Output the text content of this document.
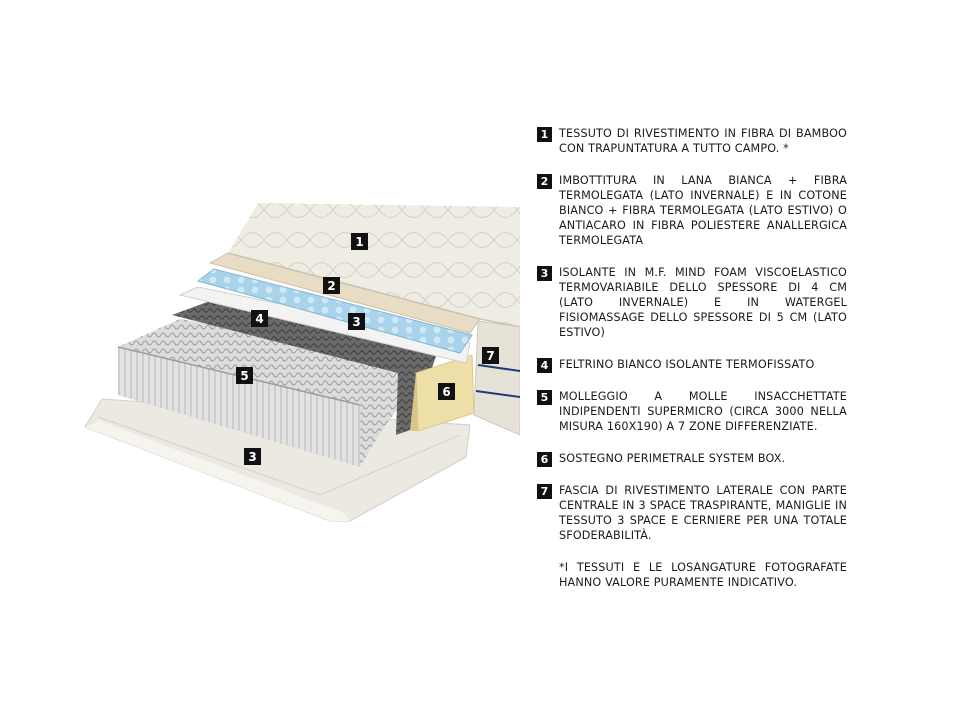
1
2
3
4
5
6
7
3
1 TESSUTO DI RIVESTIMENTO IN FIBRA DI BAMBOO CON TRAPUNTATURA A TUTTO CAMPO. *
2 IMBOTTITURA IN LANA BIANCA + FIBRA TERMOLEGATA (LATO INVERNALE) E IN COTONE BIANCO + FIBRA TERMOLEGATA (LATO ESTIVO) O ANTIACARO IN FIBRA POLIESTERE ANALLERGICA TERMOLEGATA
3 ISOLANTE IN M.F. MIND FOAM VISCOELASTICO TERMOVARIABILE DELLO SPESSORE DI 4 CM (LATO INVERNALE) E IN WATERGEL FISIOMASSAGE DELLO SPESSORE DI 5 CM (LATO ESTIVO)
4 FELTRINO BIANCO ISOLANTE TERMOFISSATO
5 MOLLEGGIO A MOLLE INSACCHETTATE INDIPENDENTI SUPERMICRO (CIRCA 3000 NELLA MISURA 160X190) A 7 ZONE DIFFERENZIATE.
6 SOSTEGNO PERIMETRALE SYSTEM BOX.
7 FASCIA DI RIVESTIMENTO LATERALE CON PARTE CENTRALE IN 3 SPACE TRASPIRANTE, MANIGLIE IN TESSUTO 3 SPACE E CERNIERE PER UNA TOTALE SFODERABILITÀ.
*I TESSUTI E LE LOSANGATURE FOTOGRAFATE HANNO VALORE PURAMENTE INDICATIVO.
